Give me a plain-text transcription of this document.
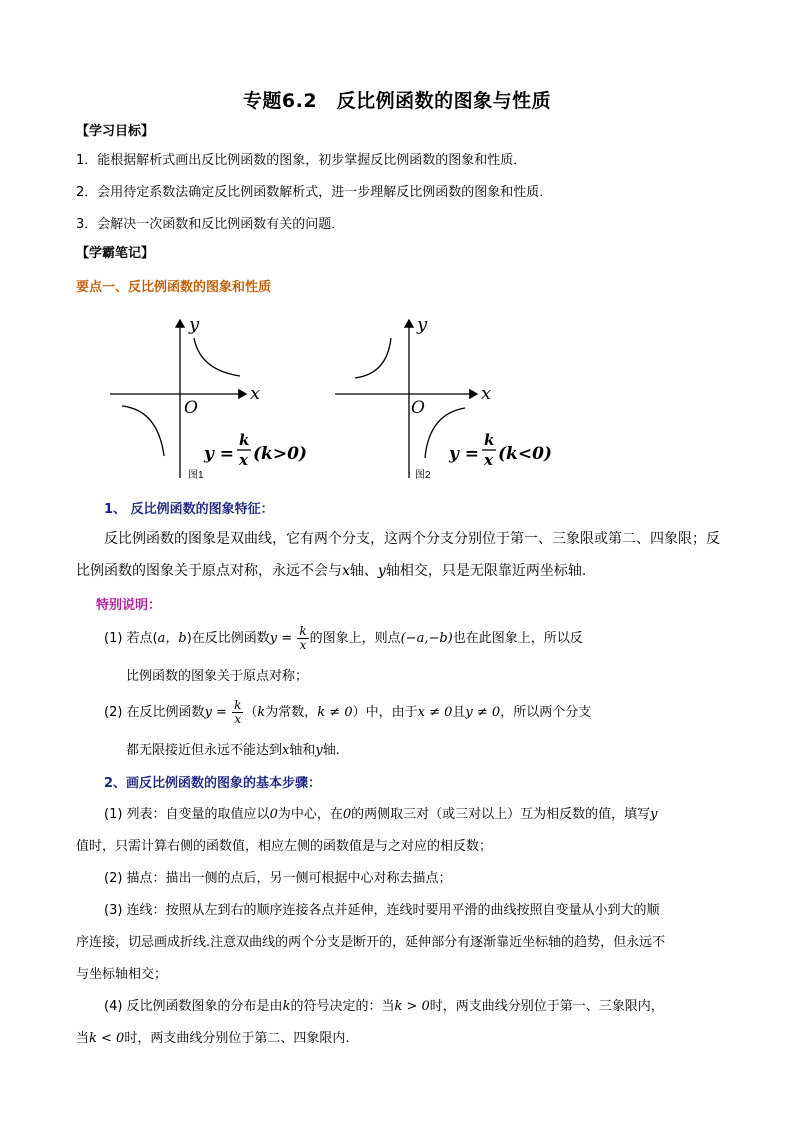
专题6.2　反比例函数的图象与性质
【学习目标】
1．能根据解析式画出反比例函数的图象，初步掌握反比例函数的图象和性质．
2．会用待定系数法确定反比例函数解析式，进一步理解反比例函数的图象和性质．
3．会解决一次函数和反比例函数有关的问题．
【学霸笔记】
要点一、反比例函数的图象和性质
y
x
O
y =
k
x (k>0)
图1
y
x
O
y =
k
x (k<0)
图2
1、 反比例函数的图象特征：
反比例函数的图象是双曲线，它有两个分支，这两个分支分别位于第一、三象限或第二、四象限；反
比例函数的图象关于原点对称，永远不会与x轴、y轴相交，只是无限靠近两坐标轴.
特别说明：
(1) 若点(a，b)在反比例函数$y = \frac{k}{x}$ 的图象上，则点(−a,−b)也在此图象上，所以反
比例函数的图象关于原点对称；
(2) 在反比例函数$y = \frac{k}{x} (k$为常数，k ≠ 0）中，由于x ≠ 0且y ≠ 0，所以两个分支
都无限接近但永远不能达到x轴和y轴.
2、画反比例函数的图象的基本步骤：
(1) 列表：自变量的取值应以0为中心，在0的两侧取三对（或三对以上）互为相反数的值，填写y
值时，只需计算右侧的函数值，相应左侧的函数值是与之对应的相反数；
(2) 描点：描出一侧的点后，另一侧可根据中心对称去描点；
(3) 连线：按照从左到右的顺序连接各点并延伸，连线时要用平滑的曲线按照自变量从小到大的顺
序连接，切忌画成折线.注意双曲线的两个分支是断开的，延伸部分有逐渐靠近坐标轴的趋势，但永远不
与坐标轴相交；
(4) 反比例函数图象的分布是由k的符号决定的：当k > 0时，两支曲线分别位于第一、三象限内，
当k < 0时，两支曲线分别位于第二、四象限内.
